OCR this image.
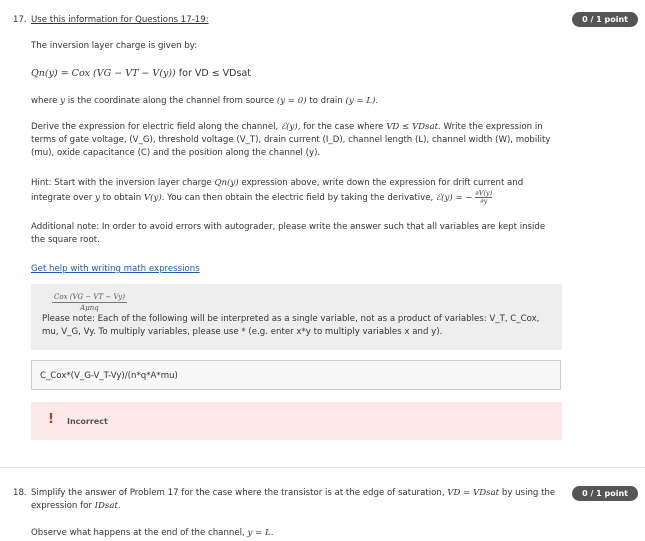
17. Use this information for Questions 17-19:	0 / 1 point
The inversion layer charge is given by:
Qn(y) = Cox (VG − VT − V(y)) for VD ≤ VDsat
where y is the coordinate along the channel from source (y = 0) to drain (y = L).
Derive the expression for electric field along the channel, ℰ(y), for the case where VD ≤ VDsat. Write the expression in terms of gate voltage, (V_G), threshold voltage (V_T), drain current (I_D), channel length (L), channel width (W), mobility (mu), oxide capacitance (C) and the position along the channel (y).
Hint: Start with the inversion layer charge Qn(y) expression above, write down the expression for drift current and integrate over y to obtain V(y). You can then obtain the electric field by taking the derivative, ℰ(y) = − $\frac{\partial V(y)}{\partial y}$
Additional note: In order to avoid errors with autograder, please write the answer such that all variables are kept inside the square root.
Get help with writing math expressions
Cox (VG − VT − Vy)
Aμnq
Please note: Each of the following will be interpreted as a single variable, not as a product of variables: V_T, C_Cox, mu, V_G, Vy. To multiply variables, please use * (e.g. enter x*y to multiply variables x and y).
C_Cox*(V_G-V_T-Vy)/(n*q*A*mu)
! Incorrect
18. Simplify the answer of Problem 17 for the case where the transistor is at the edge of saturation, VD = VDsat by using the expression for IDsat.
0 / 1 point
Observe what happens at the end of the channel, y = L.
